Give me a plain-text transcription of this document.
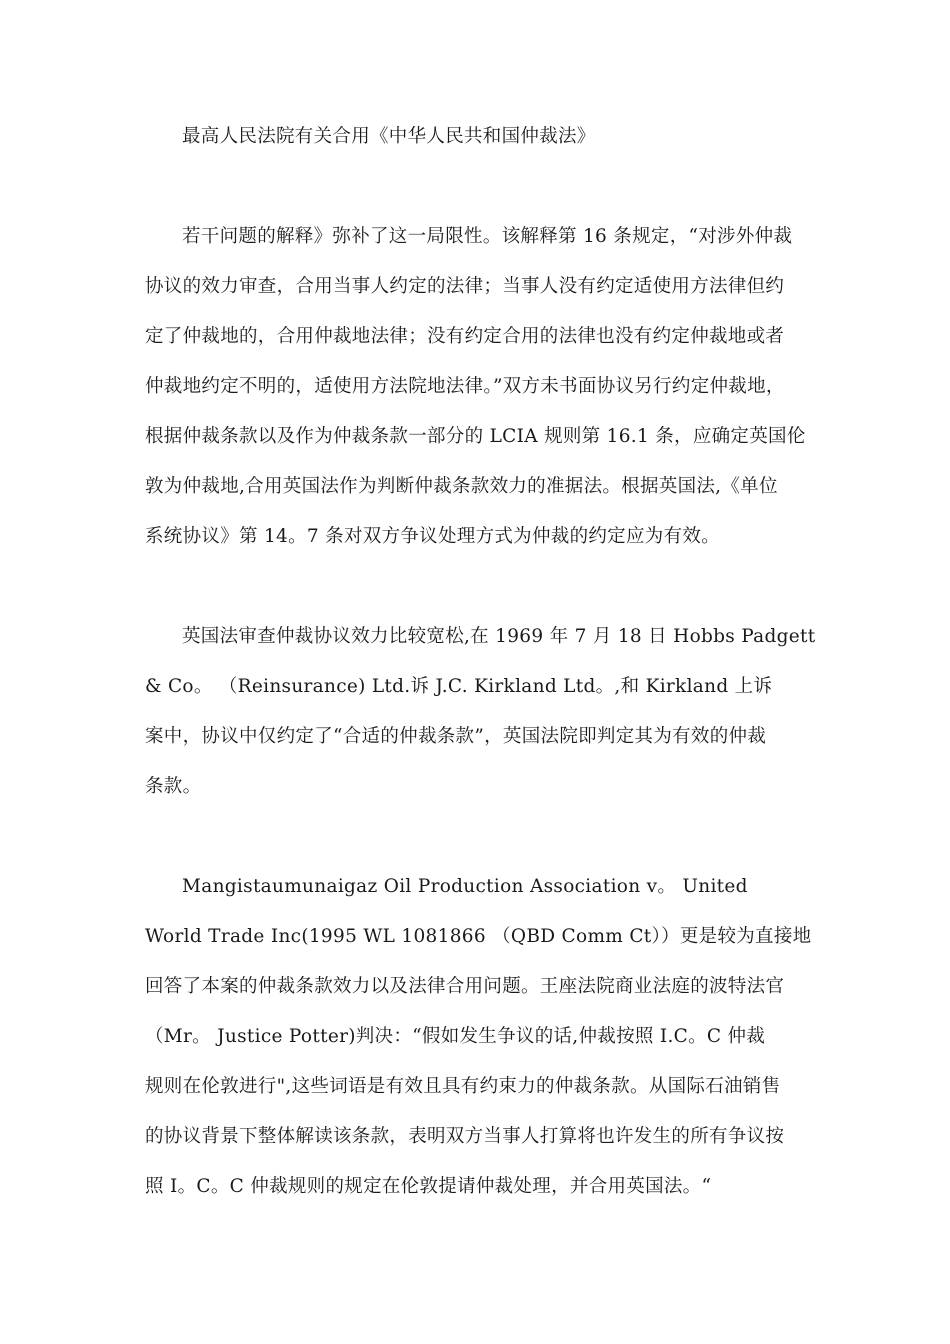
最高人民法院有关合用《中华人民共和国仲裁法》
若干问题的解释》弥补了这一局限性。该解释第 16 条规定，“对涉外仲裁
协议的效力审查，合用当事人约定的法律；当事人没有约定适使用方法律但约
定了仲裁地的，合用仲裁地法律；没有约定合用的法律也没有约定仲裁地或者
仲裁地约定不明的，适使用方法院地法律。”双方未书面协议另行约定仲裁地，
根据仲裁条款以及作为仲裁条款一部分的 LCIA 规则第 16.1 条，应确定英国伦
敦为仲裁地,合用英国法作为判断仲裁条款效力的准据法。根据英国法,《单位
系统协议》第 14。7 条对双方争议处理方式为仲裁的约定应为有效。
英国法审查仲裁协议效力比较宽松,在 1969 年 7 月 18 日 Hobbs Padgett
& Co。 （Reinsurance) Ltd.诉 J.C. Kirkland Ltd。,和 Kirkland 上诉
案中，协议中仅约定了“合适的仲裁条款”，英国法院即判定其为有效的仲裁
条款。
Mangistaumunaigaz Oil Production Association v。 United
World Trade Inc(1995 WL 1081866 （QBD Comm Ct））更是较为直接地
回答了本案的仲裁条款效力以及法律合用问题。王座法院商业法庭的波特法官
（Mr。 Justice Potter)判决：“假如发生争议的话,仲裁按照 I.C。C 仲裁
规则在伦敦进行",这些词语是有效且具有约束力的仲裁条款。从国际石油销售
的协议背景下整体解读该条款，表明双方当事人打算将也许发生的所有争议按
照 I。C。C 仲裁规则的规定在伦敦提请仲裁处理，并合用英国法。“
